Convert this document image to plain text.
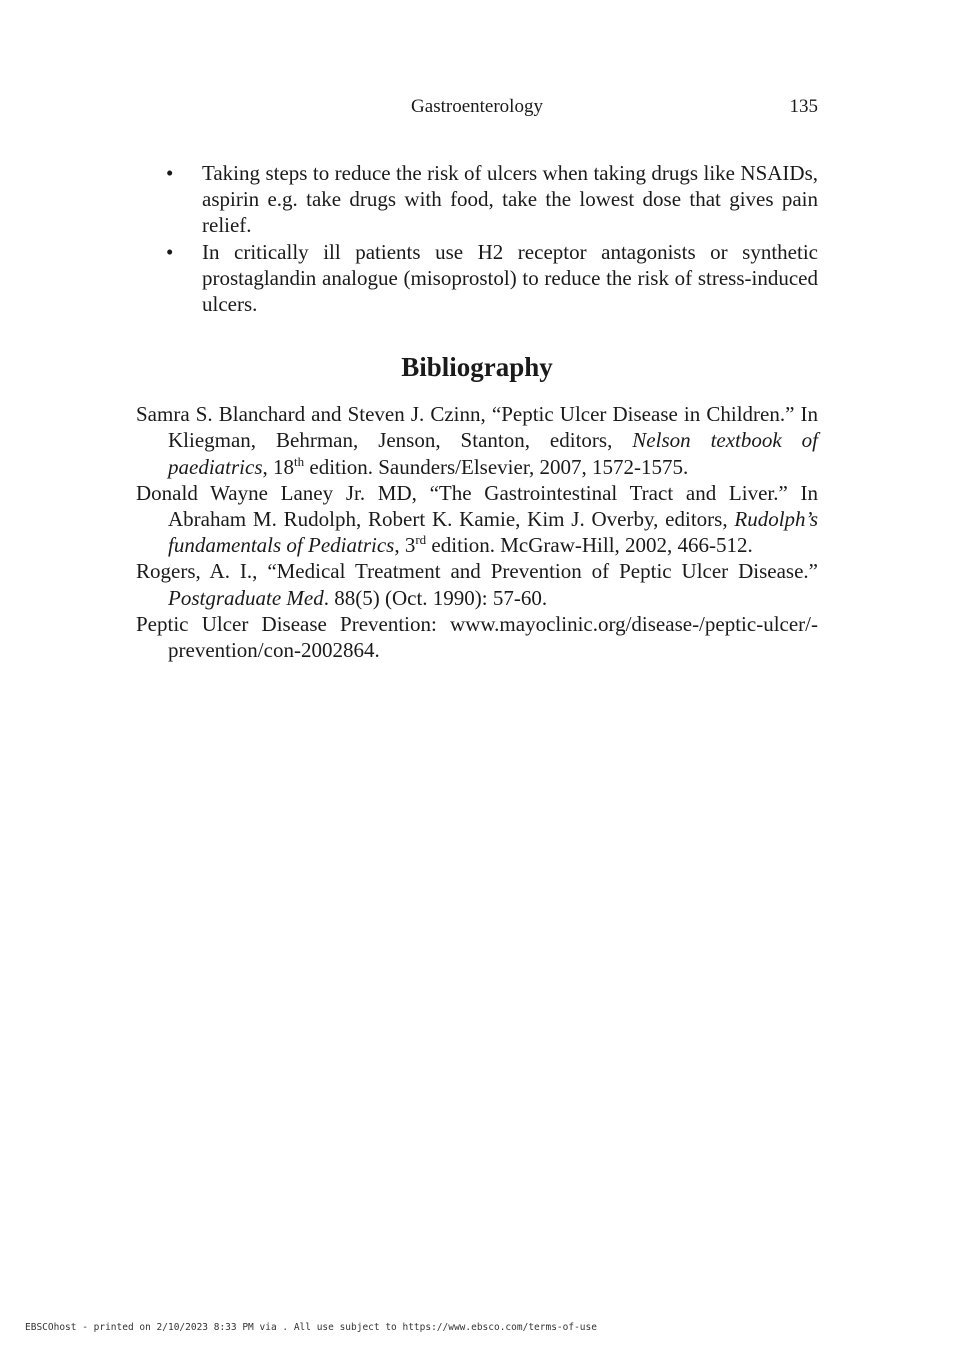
Gastroenterology	135
•	Taking steps to reduce the risk of ulcers when taking drugs like NSAIDs, aspirin e.g. take drugs with food, take the lowest dose that gives pain relief.
•	In critically ill patients use H2 receptor antagonists or synthetic prostaglandin analogue (misoprostol) to reduce the risk of stress-induced ulcers.
Bibliography

Samra S. Blanchard and Steven J. Czinn, “Peptic Ulcer Disease in Children.” In Kliegman, Behrman, Jenson, Stanton, editors, Nelson textbook of paediatrics, 18th edition. Saunders/Elsevier, 2007, 1572-1575.

Donald Wayne Laney Jr. MD, “The Gastrointestinal Tract and Liver.” In Abraham M. Rudolph, Robert K. Kamie, Kim J. Overby, editors, Rudolph’s fundamentals of Pediatrics, 3rd edition. McGraw-Hill, 2002, 466-512.

Rogers, A. I., “Medical Treatment and Prevention of Peptic Ulcer Disease.” Postgraduate Med. 88(5) (Oct. 1990): 57-60.

Peptic Ulcer Disease Prevention: www.mayoclinic.org/disease-/peptic-ulcer/-prevention/con-2002864.

EBSCOhost - printed on 2/10/2023 8:33 PM via . All use subject to https://www.ebsco.com/terms-of-use
